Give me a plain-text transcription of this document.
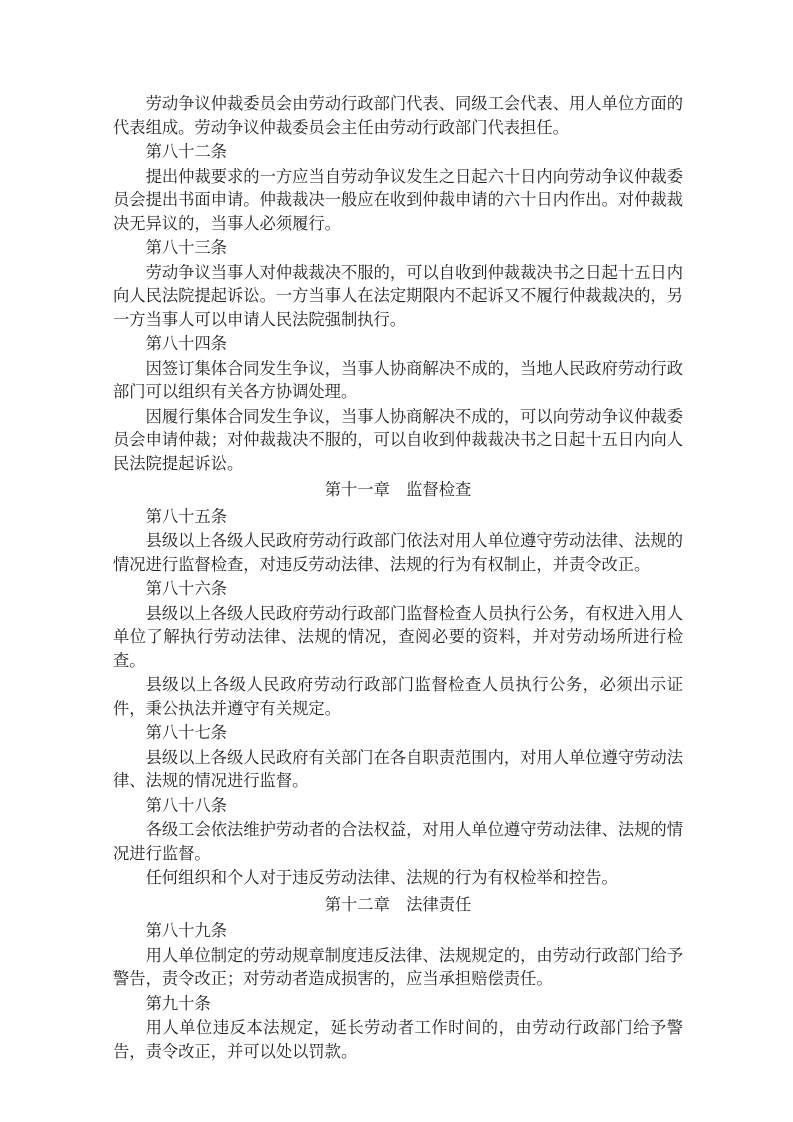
劳动争议仲裁委员会由劳动行政部门代表、同级工会代表、用人单位方面的代表组成。劳动争议仲裁委员会主任由劳动行政部门代表担任。

第八十二条

提出仲裁要求的一方应当自劳动争议发生之日起六十日内向劳动争议仲裁委员会提出书面申请。仲裁裁决一般应在收到仲裁申请的六十日内作出。对仲裁裁决无异议的，当事人必须履行。

第八十三条

劳动争议当事人对仲裁裁决不服的，可以自收到仲裁裁决书之日起十五日内向人民法院提起诉讼。一方当事人在法定期限内不起诉又不履行仲裁裁决的，另一方当事人可以申请人民法院强制执行。

第八十四条

因签订集体合同发生争议，当事人协商解决不成的，当地人民政府劳动行政部门可以组织有关各方协调处理。

因履行集体合同发生争议，当事人协商解决不成的，可以向劳动争议仲裁委员会申请仲裁；对仲裁裁决不服的，可以自收到仲裁裁决书之日起十五日内向人民法院提起诉讼。

第十一章　监督检查

第八十五条

县级以上各级人民政府劳动行政部门依法对用人单位遵守劳动法律、法规的情况进行监督检查，对违反劳动法律、法规的行为有权制止，并责令改正。

第八十六条

县级以上各级人民政府劳动行政部门监督检查人员执行公务，有权进入用人单位了解执行劳动法律、法规的情况，查阅必要的资料，并对劳动场所进行检查。

县级以上各级人民政府劳动行政部门监督检查人员执行公务，必须出示证件，秉公执法并遵守有关规定。

第八十七条

县级以上各级人民政府有关部门在各自职责范围内，对用人单位遵守劳动法律、法规的情况进行监督。

第八十八条

各级工会依法维护劳动者的合法权益，对用人单位遵守劳动法律、法规的情况进行监督。

任何组织和个人对于违反劳动法律、法规的行为有权检举和控告。

第十二章　法律责任

第八十九条

用人单位制定的劳动规章制度违反法律、法规规定的，由劳动行政部门给予警告，责令改正；对劳动者造成损害的，应当承担赔偿责任。

第九十条

用人单位违反本法规定，延长劳动者工作时间的，由劳动行政部门给予警告，责令改正，并可以处以罚款。
